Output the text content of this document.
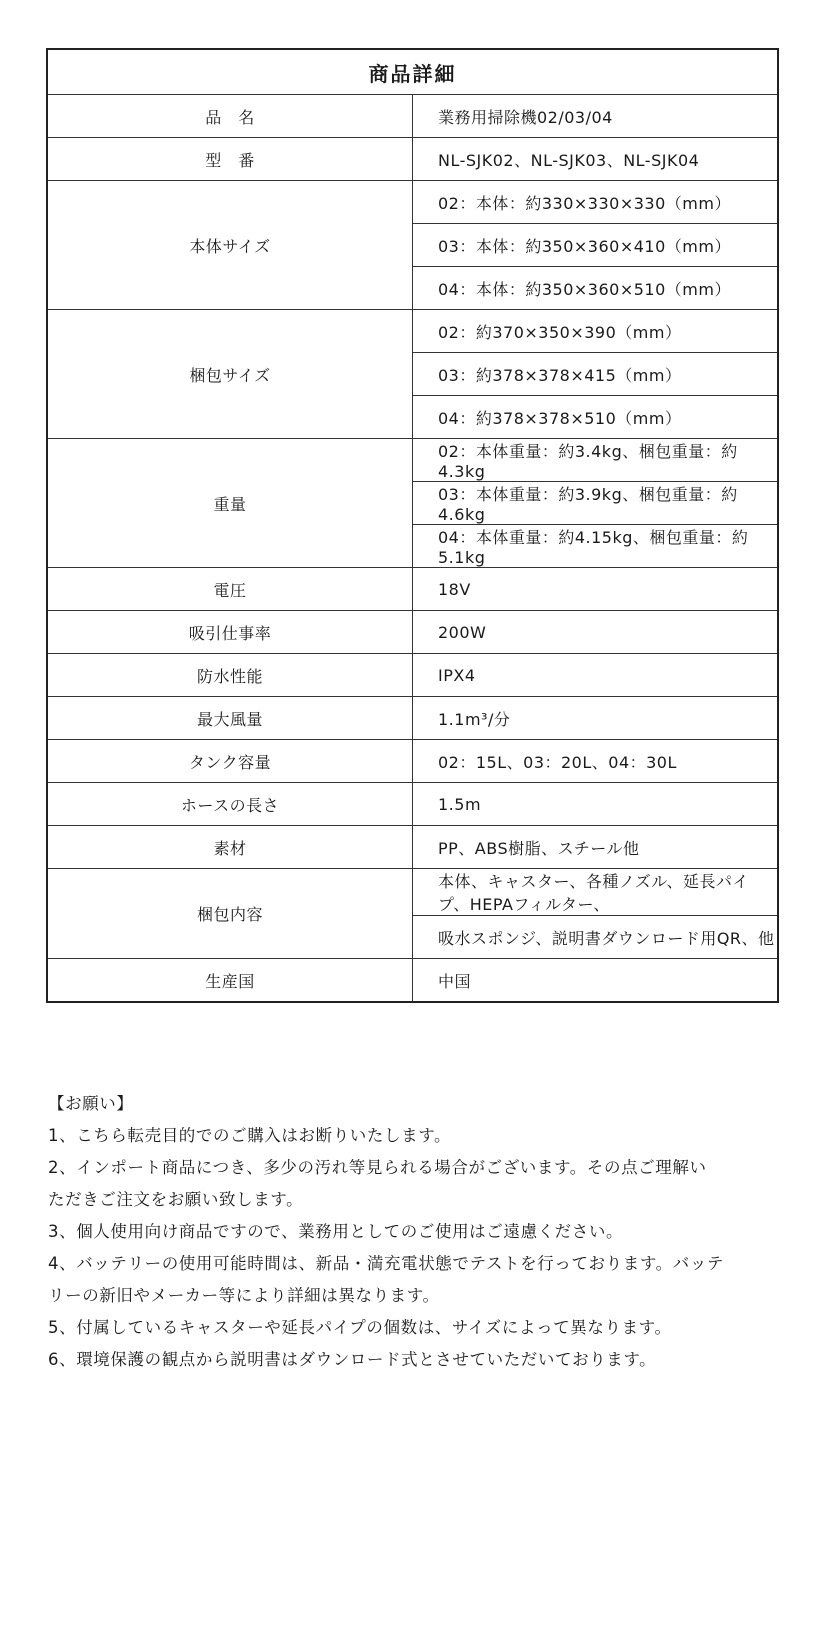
商品詳細	
品　名	業務用掃除機02/03/04
型　番	NL-SJK02、NL-SJK03、NL-SJK04
本体サイズ	02：本体：約330×330×330（mm）
	03：本体：約350×360×410（mm）
	04：本体：約350×360×510（mm）
梱包サイズ	02：約370×350×390（mm）
	03：約378×378×415（mm）
	04：約378×378×510（mm）
重量	02：本体重量：約3.4kg、梱包重量：約4.3kg
	03：本体重量：約3.9kg、梱包重量：約4.6kg
	04：本体重量：約4.15kg、梱包重量：約5.1kg
電圧	18V
吸引仕事率	200W
防水性能	IPX4
最大風量	1.1m³/分
タンク容量	02：15L、03：20L、04：30L
ホースの長さ	1.5m
素材	PP、ABS樹脂、スチール他
梱包内容	本体、キャスター、各種ノズル、延長パイプ、HEPAフィルター、
	吸水スポンジ、説明書ダウンロード用QR、他
生産国	中国

【お願い】

1、こちら転売目的でのご購入はお断りいたします。

2、インポート商品につき、多少の汚れ等見られる場合がございます。その点ご理解い

ただきご注文をお願い致します。

3、個人使用向け商品ですので、業務用としてのご使用はご遠慮ください。

4、バッテリーの使用可能時間は、新品・満充電状態でテストを行っております。バッテ

リーの新旧やメーカー等により詳細は異なります。

5、付属しているキャスターや延長パイプの個数は、サイズによって異なります。

6、環境保護の観点から説明書はダウンロード式とさせていただいております。
